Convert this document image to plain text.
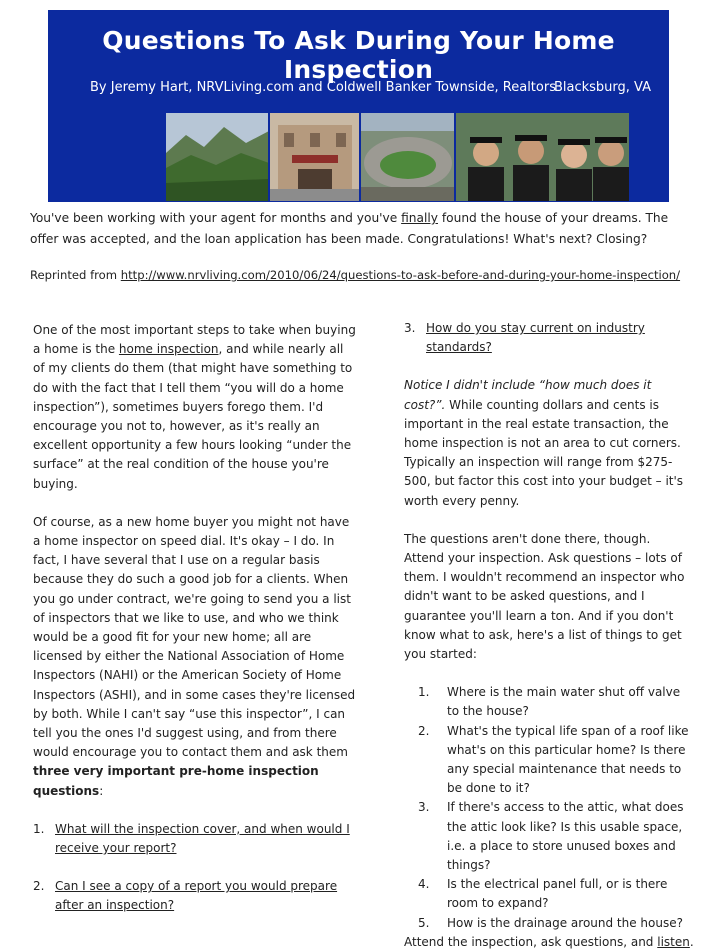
Questions To Ask During Your Home Inspection
By Jeremy Hart, NRVLiving.com and Coldwell Banker Townside, Realtors
Blacksburg, VA

You've been working with your agent for months and you've finally found the house of your dreams. The offer was accepted, and the loan application has been made. Congratulations! What's next? Closing?

Reprinted from http://www.nrvliving.com/2010/06/24/questions-to-ask-before-and-during-your-home-inspection/

One of the most important steps to take when buying a home is the home inspection, and while nearly all of my clients do them (that might have something to do with the fact that I tell them “you will do a home inspection”), sometimes buyers forego them. I'd encourage you not to, however, as it's really an excellent opportunity a few hours looking “under the surface” at the real condition of the house you're buying.

Of course, as a new home buyer you might not have a home inspector on speed dial. It's okay – I do. In fact, I have several that I use on a regular basis because they do such a good job for a clients. When you go under contract, we're going to send you a list of inspectors that we like to use, and who we think would be a good fit for your new home; all are licensed by either the National Association of Home Inspectors (NAHI) or the American Society of Home Inspectors (ASHI), and in some cases they're licensed by both. While I can't say “use this inspector”, I can tell you the ones I'd suggest using, and from there would encourage you to contact them and ask them three very important pre-home inspection questions:

1. What will the inspection cover, and when would I receive your report?
2. Can I see a copy of a report you would prepare after an inspection?
3. How do you stay current on industry standards?

Notice I didn't include “how much does it cost?”. While counting dollars and cents is important in the real estate transaction, the home inspection is not an area to cut corners. Typically an inspection will range from $275-500, but factor this cost into your budget – it's worth every penny.

The questions aren't done there, though. Attend your inspection. Ask questions – lots of them. I wouldn't recommend an inspector who didn't want to be asked questions, and I guarantee you'll learn a ton. And if you don't know what to ask, here's a list of things to get you started:

1. Where is the main water shut off valve to the house?
2. What's the typical life span of a roof like what's on this particular home? Is there any special maintenance that needs to be done to it?
3. If there's access to the attic, what does the attic look like? Is this usable space, i.e. a place to store unused boxes and things?
4. Is the electrical panel full, or is there room to expand?
5. How is the drainage around the house?

Attend the inspection, ask questions, and listen.
